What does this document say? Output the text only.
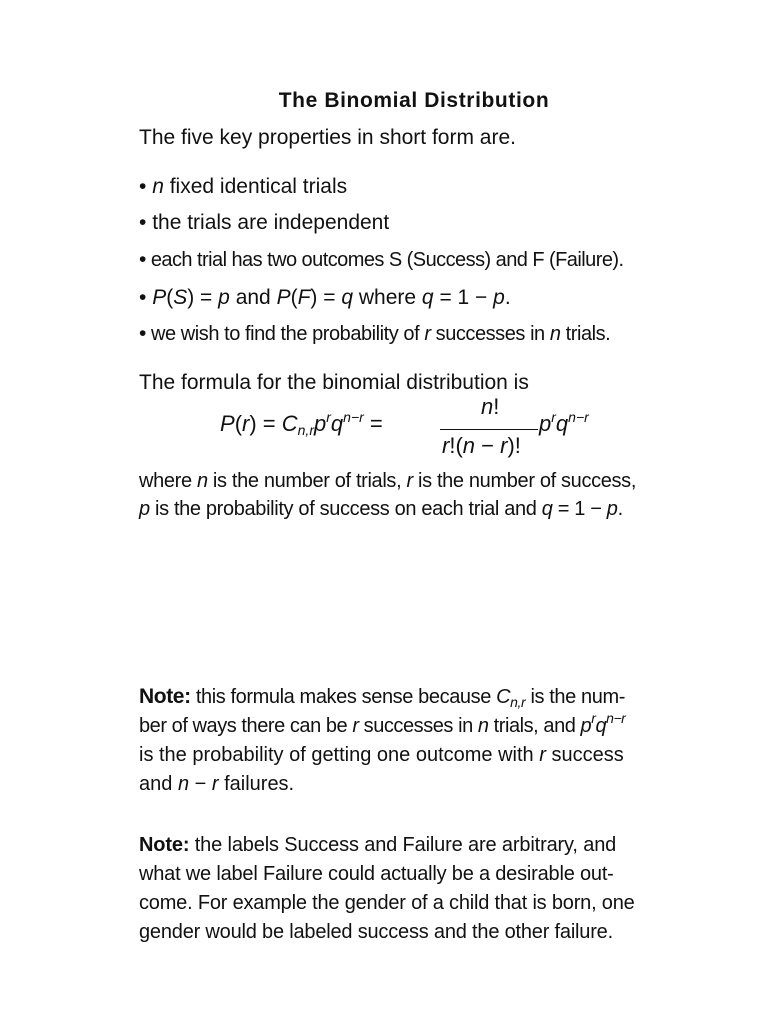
The Binomial Distribution
The five key properties in short form are.
• n fixed identical trials
• the trials are independent
• each trial has two outcomes S (Success) and F (Failure).
• P(S) = p and P(F) = q where q = 1 − p.
• we wish to find the probability of r successes in n trials.
The formula for the binomial distribution is
$P(r) = C_{n,r}p^rq^{n-r}$ =
n!
r!(n − r)!
$p^rq^{n-r}$
where n is the number of trials, r is the number of success,
p is the probability of success on each trial and q = 1 − p.
Note: this formula makes sense because $C_{n,r}$ is the num-
ber of ways there can be r successes in n trials, and $p^rq^{n-r}$
is the probability of getting one outcome with r success
and n − r failures.
Note: the labels Success and Failure are arbitrary, and
what we label Failure could actually be a desirable out-
come. For example the gender of a child that is born, one
gender would be labeled success and the other failure.
